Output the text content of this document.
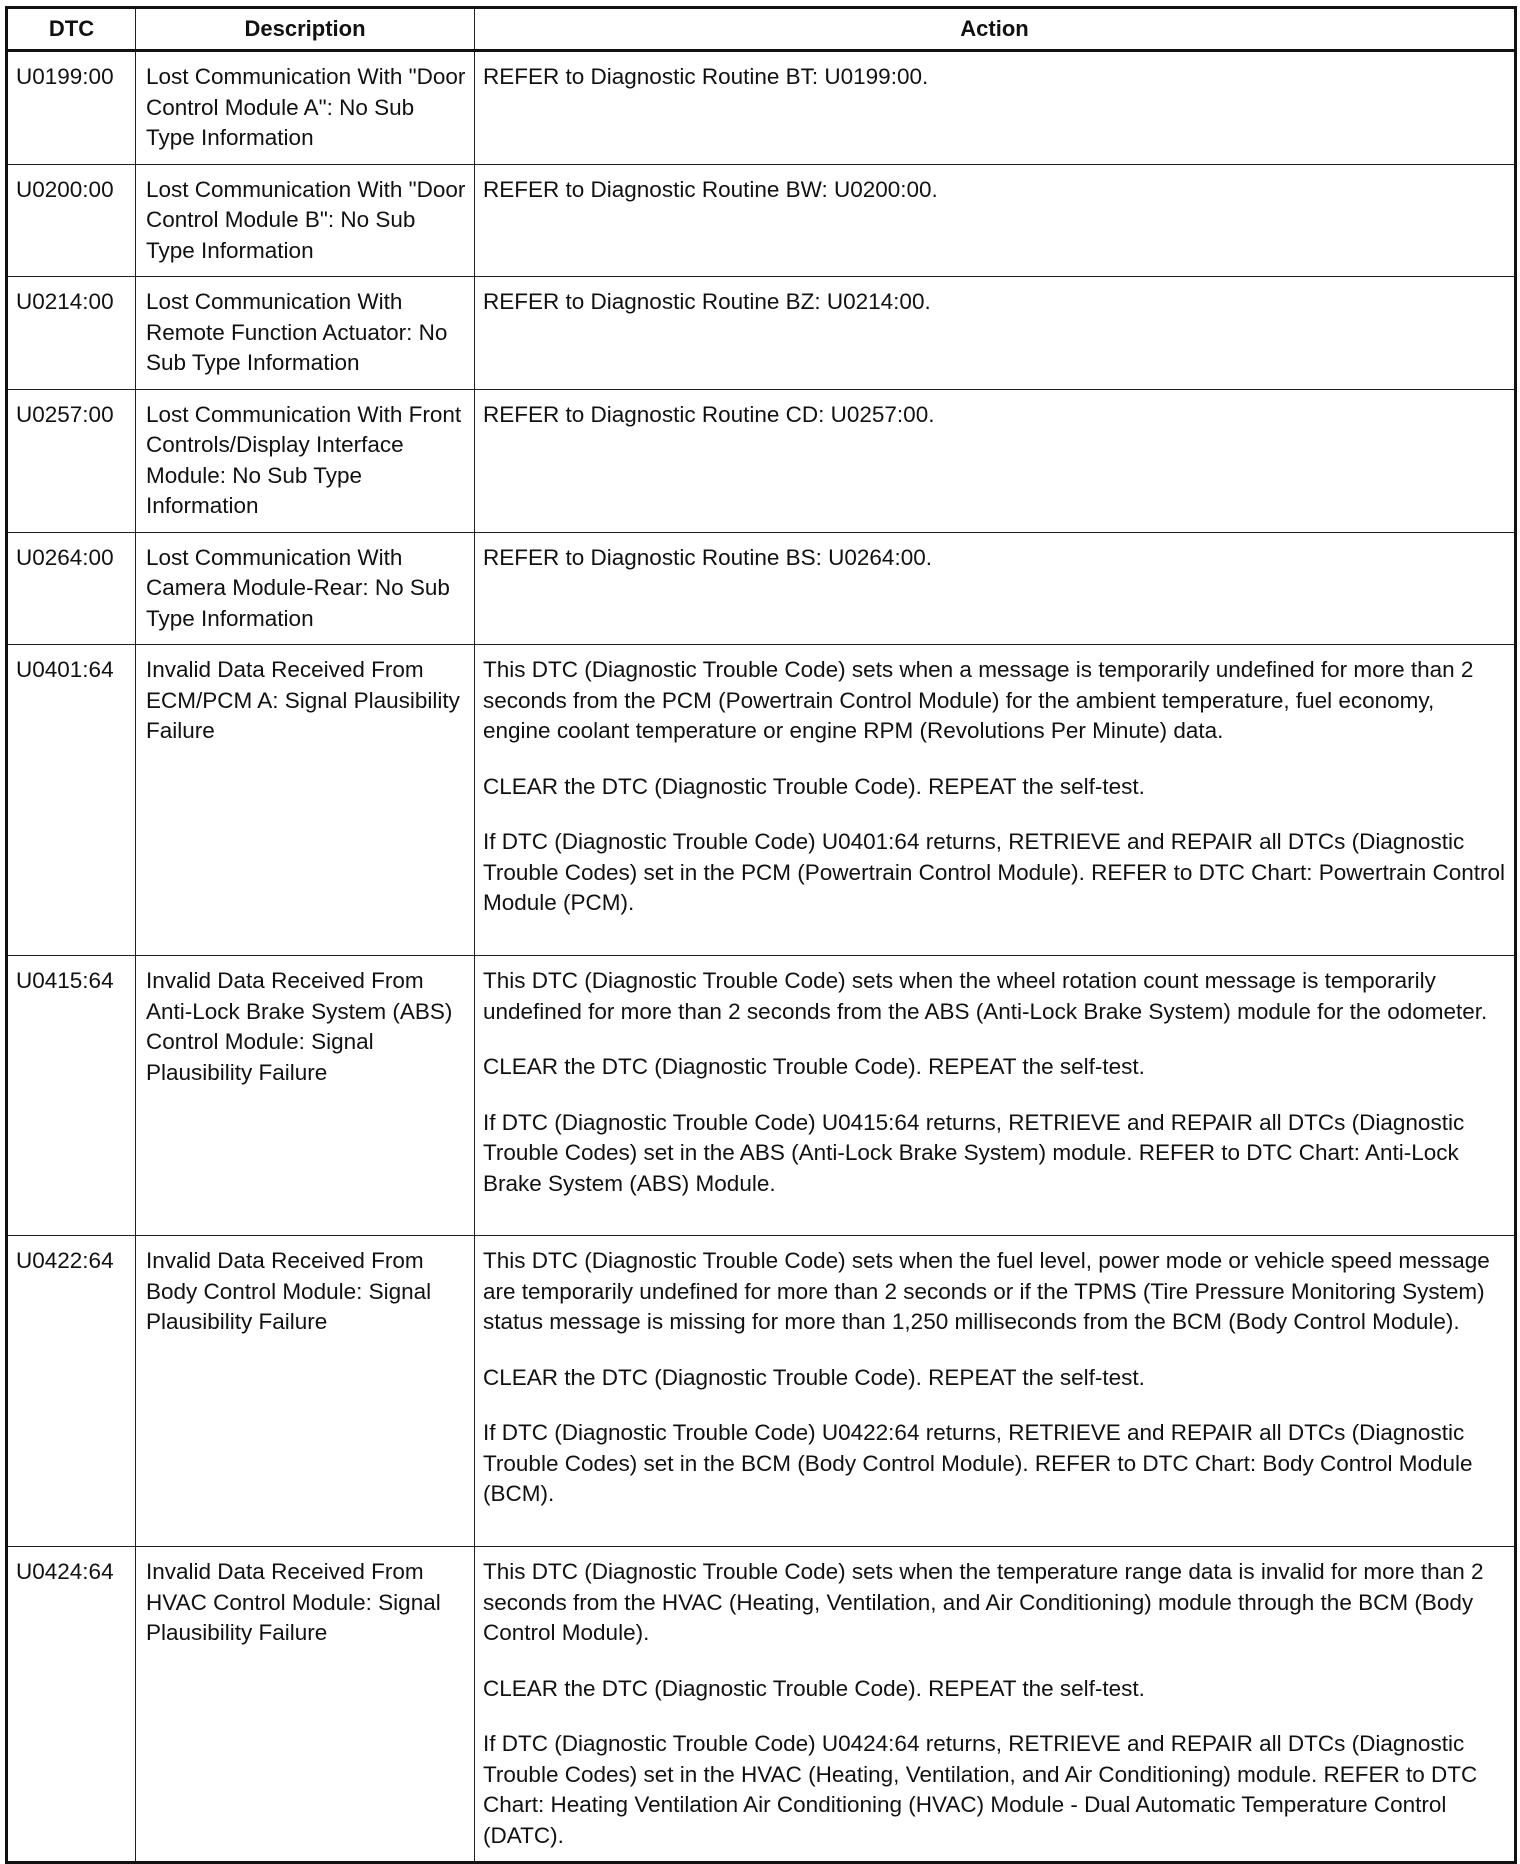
DTC	Description	Action
U0199:00	Lost Communication With "Door Control Module A": No Sub Type Information	REFER to Diagnostic Routine BT: U0199:00.

U0200:00	Lost Communication With "Door Control Module B": No Sub Type Information	REFER to Diagnostic Routine BW: U0200:00.

U0214:00	Lost Communication With Remote Function Actuator: No Sub Type Information	REFER to Diagnostic Routine BZ: U0214:00.

U0257:00	Lost Communication With Front Controls/Display Interface Module: No Sub Type Information	REFER to Diagnostic Routine CD: U0257:00.

U0264:00	Lost Communication With Camera Module-Rear: No Sub Type Information	REFER to Diagnostic Routine BS: U0264:00.

U0401:64	Invalid Data Received From ECM/PCM A: Signal Plausibility Failure	This DTC (Diagnostic Trouble Code) sets when a message is temporarily undefined for more than 2 seconds from the PCM (Powertrain Control Module) for the ambient temperature, fuel economy, engine coolant temperature or engine RPM (Revolutions Per Minute) data.
CLEAR the DTC (Diagnostic Trouble Code). REPEAT the self-test.
If DTC (Diagnostic Trouble Code) U0401:64 returns, RETRIEVE and REPAIR all DTCs (Diagnostic Trouble Codes) set in the PCM (Powertrain Control Module). REFER to DTC Chart: Powertrain Control Module (PCM).

U0415:64	Invalid Data Received From Anti-Lock Brake System (ABS) Control Module: Signal Plausibility Failure	This DTC (Diagnostic Trouble Code) sets when the wheel rotation count message is temporarily undefined for more than 2 seconds from the ABS (Anti-Lock Brake System) module for the odometer.
CLEAR the DTC (Diagnostic Trouble Code). REPEAT the self-test.
If DTC (Diagnostic Trouble Code) U0415:64 returns, RETRIEVE and REPAIR all DTCs (Diagnostic Trouble Codes) set in the ABS (Anti-Lock Brake System) module. REFER to DTC Chart: Anti-Lock Brake System (ABS) Module.

U0422:64	Invalid Data Received From Body Control Module: Signal Plausibility Failure	This DTC (Diagnostic Trouble Code) sets when the fuel level, power mode or vehicle speed message are temporarily undefined for more than 2 seconds or if the TPMS (Tire Pressure Monitoring System) status message is missing for more than 1,250 milliseconds from the BCM (Body Control Module).
CLEAR the DTC (Diagnostic Trouble Code). REPEAT the self-test.
If DTC (Diagnostic Trouble Code) U0422:64 returns, RETRIEVE and REPAIR all DTCs (Diagnostic Trouble Codes) set in the BCM (Body Control Module). REFER to DTC Chart: Body Control Module (BCM).

U0424:64	Invalid Data Received From HVAC Control Module: Signal Plausibility Failure	This DTC (Diagnostic Trouble Code) sets when the temperature range data is invalid for more than 2 seconds from the HVAC (Heating, Ventilation, and Air Conditioning) module through the BCM (Body Control Module).
CLEAR the DTC (Diagnostic Trouble Code). REPEAT the self-test.
If DTC (Diagnostic Trouble Code) U0424:64 returns, RETRIEVE and REPAIR all DTCs (Diagnostic Trouble Codes) set in the HVAC (Heating, Ventilation, and Air Conditioning) module. REFER to DTC Chart: Heating Ventilation Air Conditioning (HVAC) Module - Dual Automatic Temperature Control (DATC).
